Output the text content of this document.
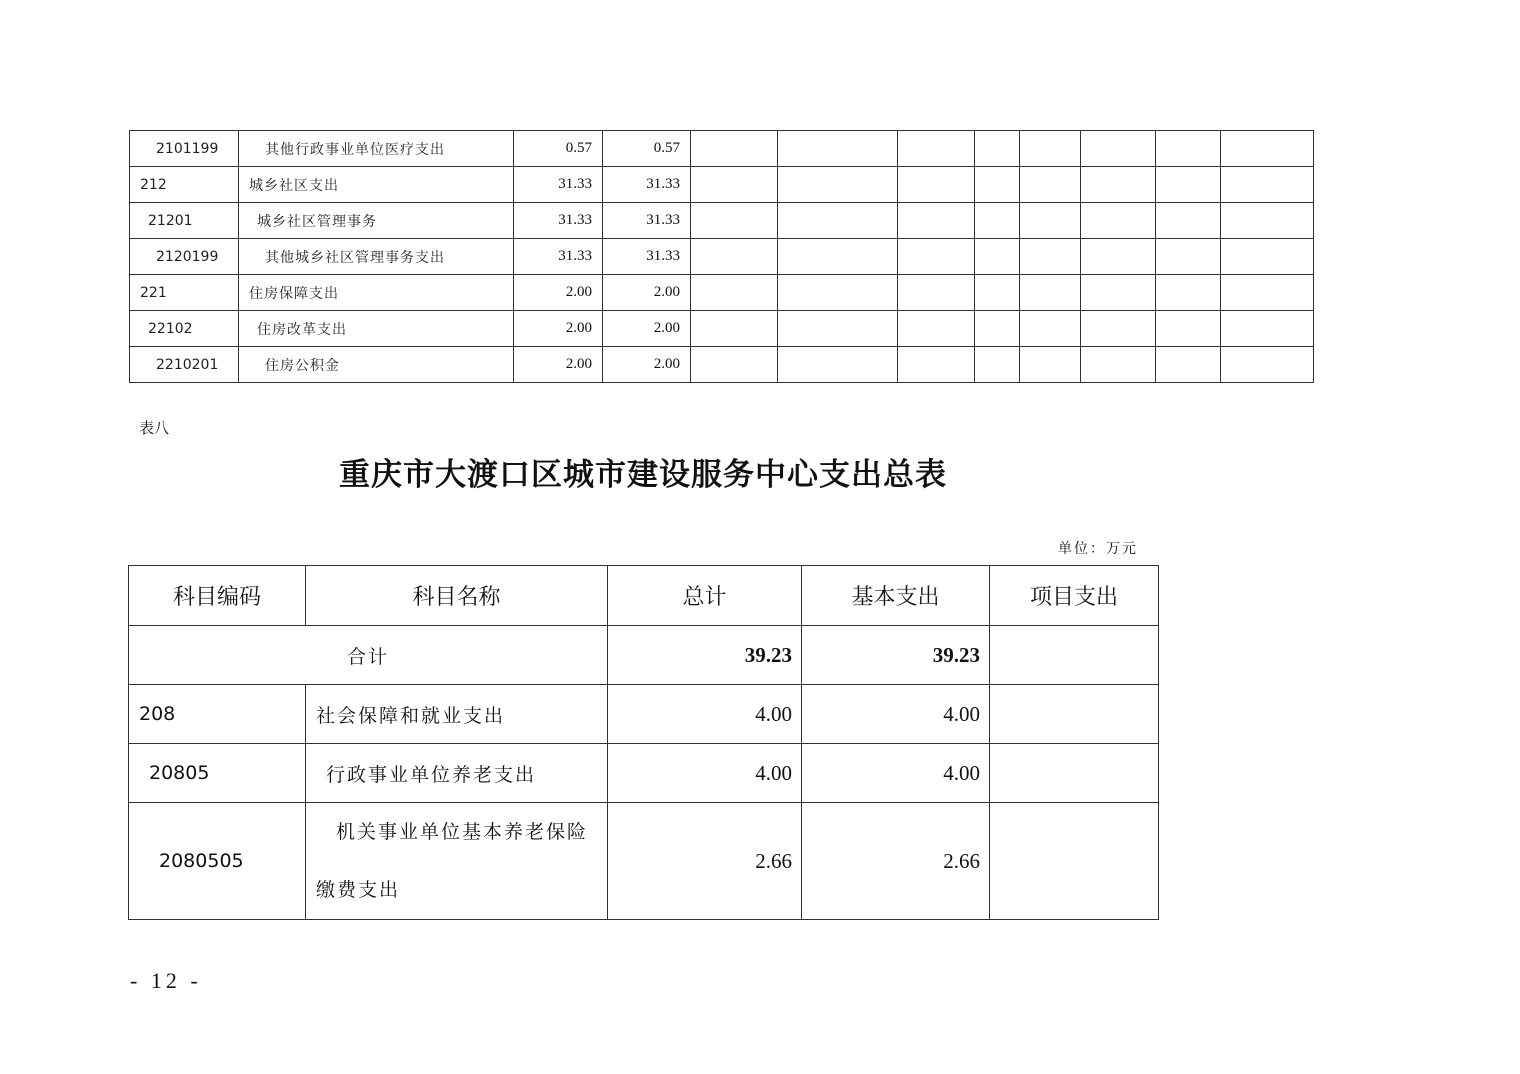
2101199	其他行政事业单位医疗支出	0.57	0.57								
212	城乡社区支出	31.33	31.33								
21201	城乡社区管理事务	31.33	31.33								
2120199	其他城乡社区管理事务支出	31.33	31.33								
221	住房保障支出	2.00	2.00								
22102	住房改革支出	2.00	2.00								
2210201	住房公积金	2.00	2.00								
表八
重庆市大渡口区城市建设服务中心支出总表
单位：万元
科目编码	科目名称	总计	基本支出	项目支出
合计		39.23	39.23	
208	社会保障和就业支出	4.00	4.00	
20805	行政事业单位养老支出	4.00	4.00	
2080505	机关事业单位基本养老保险
缴费支出	2.66	2.66	
- 12 -
